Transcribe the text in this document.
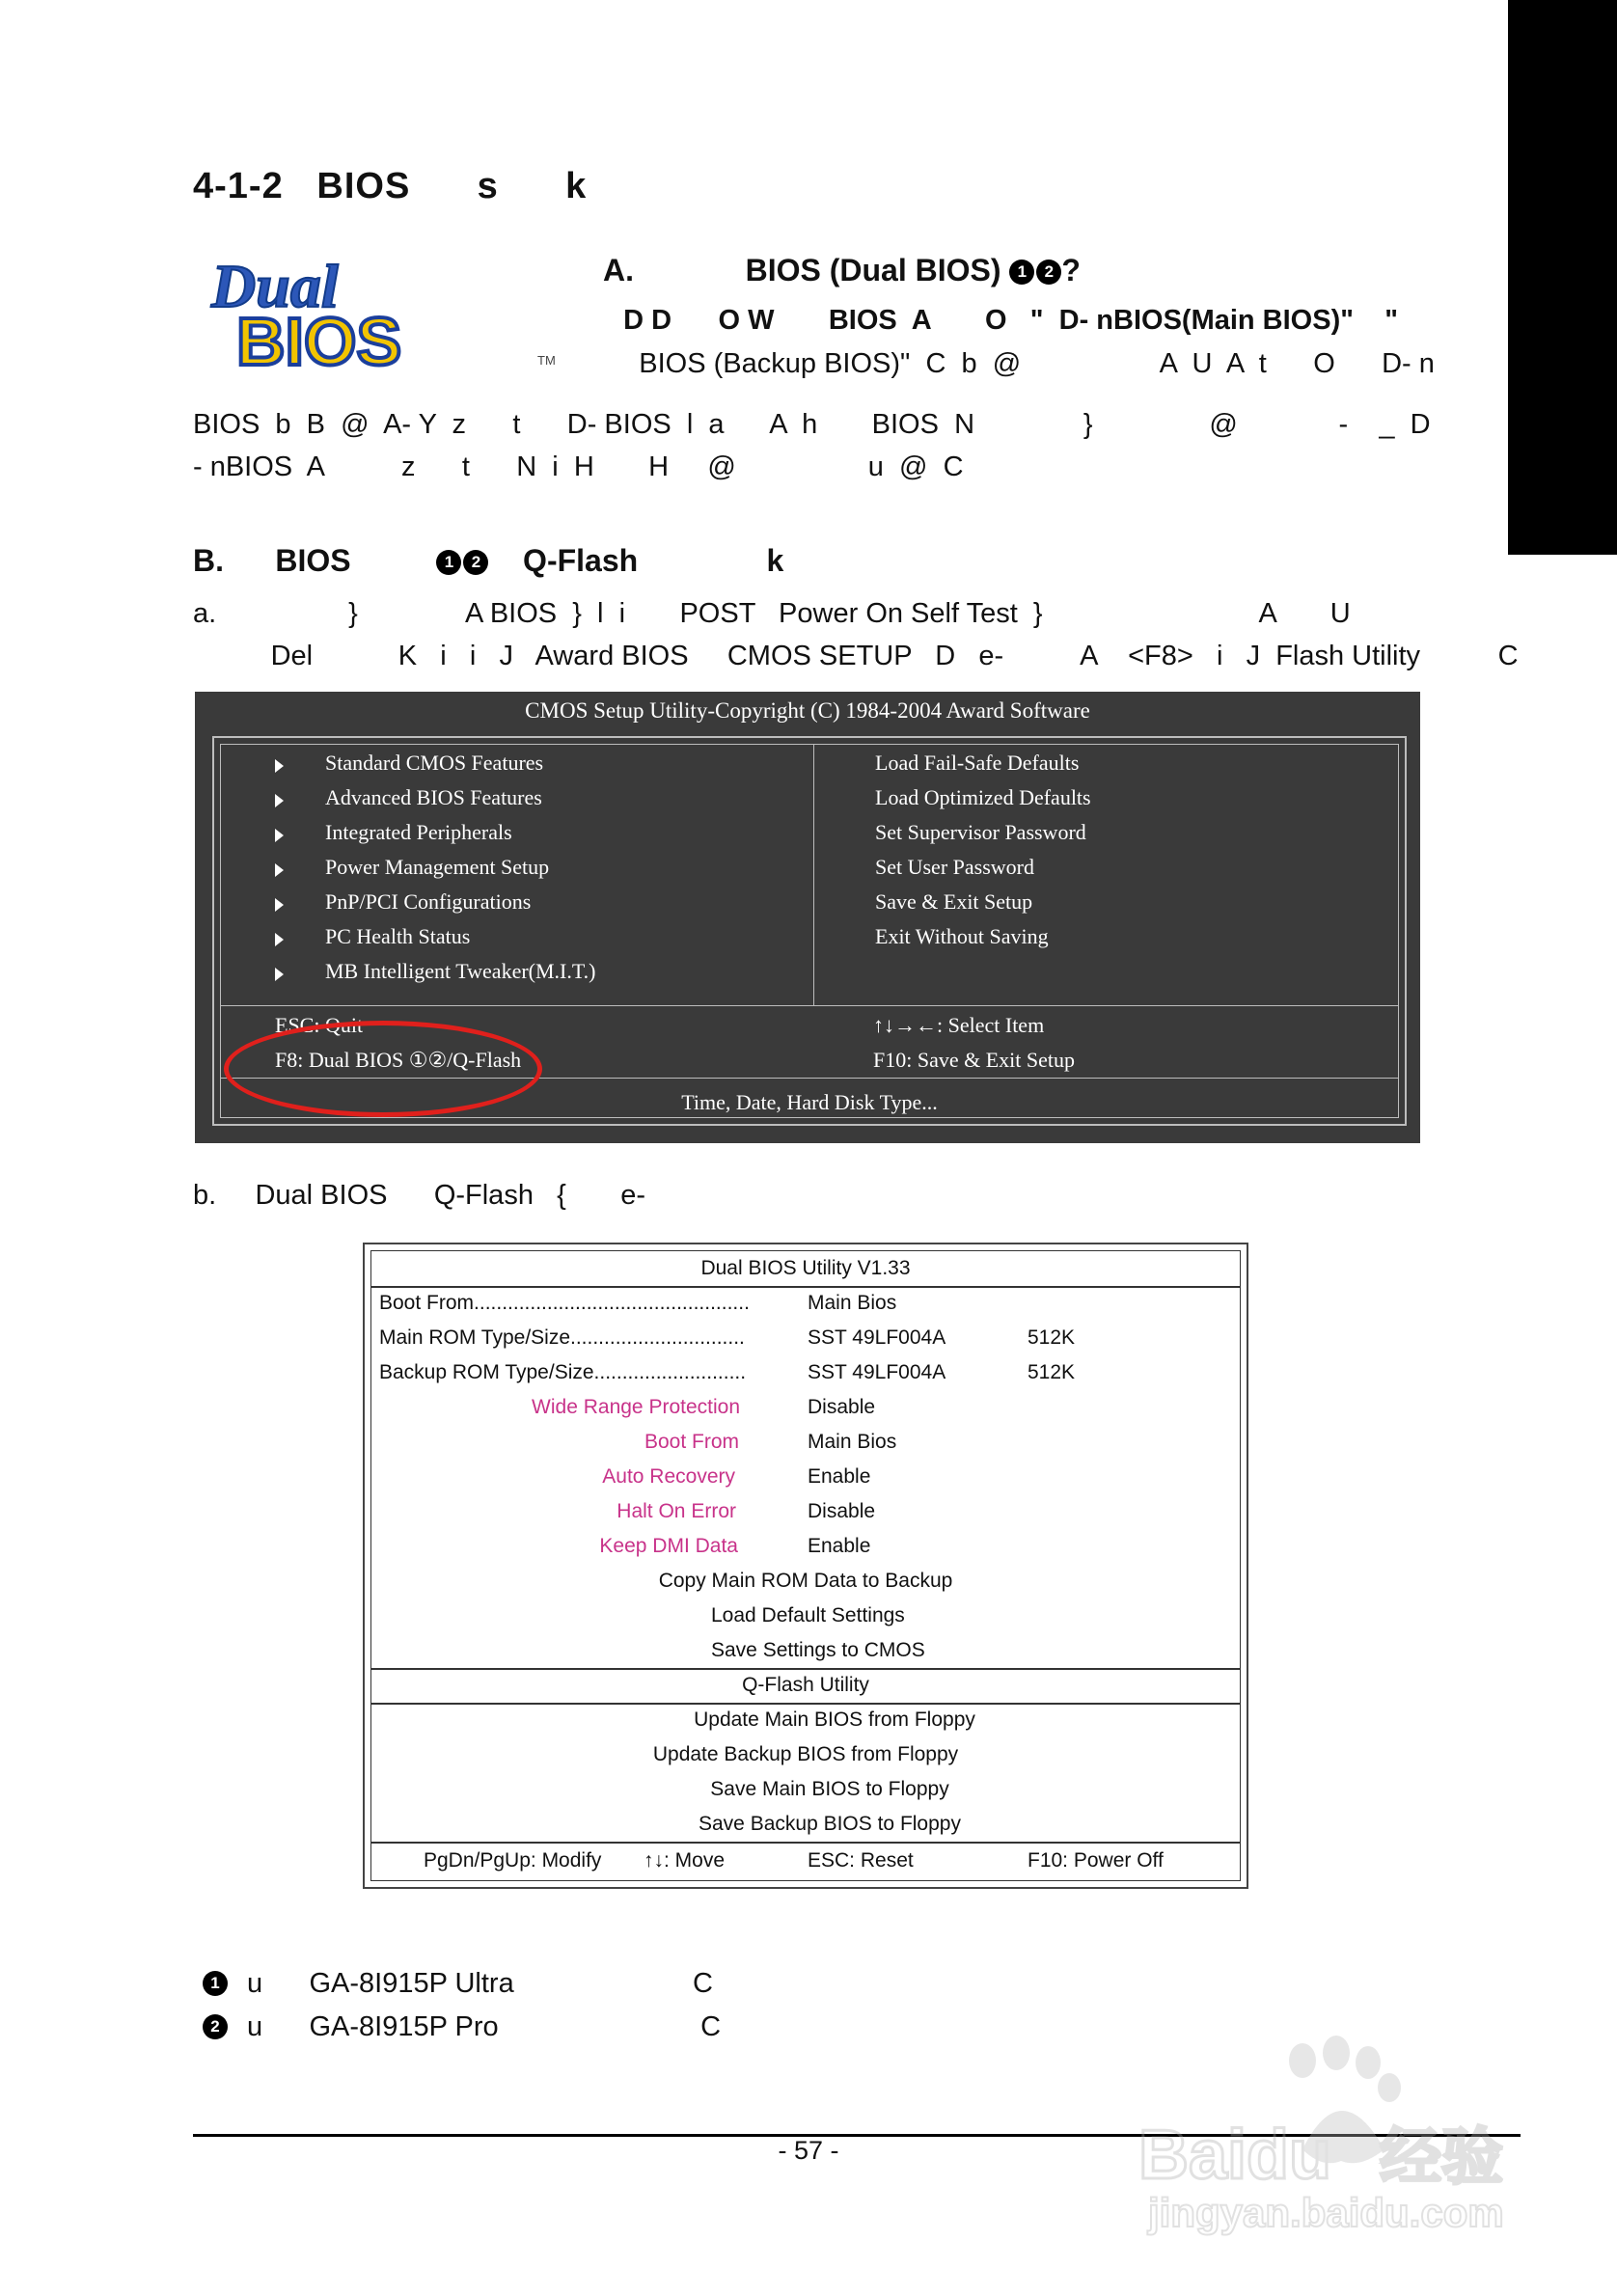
c
4-1-2   BIOS      s      k
Dual
BIOS	TM
A.             BIOS (Dual BIOS) 1 2 ?
D D      O W       BIOS  A       O   "  D- nBIOS(Main BIOS)"    "
BIOS (Backup BIOS)"  C  b  @                  A  U  A  t      O      D- n
BIOS  b  B  @  A- Y  z      t      D- BIOS  l  a      A  h       BIOS  N              }               @             -    _  D
- nBIOS  A          z      t      N  i  H       H     @                 u  @  C
B.      BIOS          1 2    Q-Flash               k
a.                 }              A BIOS  }  l  i       POST   Power On Self Test  }                            A       U
Del           K   i   i   J   Award BIOS     CMOS SETUP   D   e-          A    <F8>   i   J  Flash Utility          C
CMOS Setup Utility-Copyright (C) 1984-2004 Award Software
Standard CMOS Features
Advanced BIOS Features
Integrated Peripherals
Power Management Setup
PnP/PCI Configurations
PC Health Status
MB Intelligent Tweaker(M.I.T.)
Load Fail-Safe Defaults
Load Optimized Defaults
Set Supervisor Password
Set User Password
Save & Exit Setup
Exit Without Saving
ESC: Quit
F8: Dual BIOS ①②/Q-Flash
↑↓→←: Select Item
F10: Save & Exit Setup
Time, Date, Hard Disk Type...
b.     Dual BIOS      Q-Flash   {       e-
Dual BIOS Utility V1.33
Boot From.................................................	Main Bios
Main ROM Type/Size...............................	SST 49LF004A	512K
Backup ROM Type/Size...........................	SST 49LF004A	512K
Wide Range Protection	Disable
Boot From	Main Bios
Auto Recovery	Enable
Halt On Error	Disable
Keep DMI Data	Enable
Copy Main ROM Data to Backup
Load Default Settings
Save Settings to CMOS
Q-Flash Utility
Update Main BIOS from Floppy
Update Backup BIOS from Floppy
Save Main BIOS to Floppy
Save Backup BIOS to Floppy
PgDn/PgUp: Modify ↑↓: Move	ESC: Reset	F10: Power Off
1 u      GA-8I915P Ultra                       C
2 u      GA-8I915P Pro                          C
- 57 -	Baidu 经验
jingyan.baidu.com
